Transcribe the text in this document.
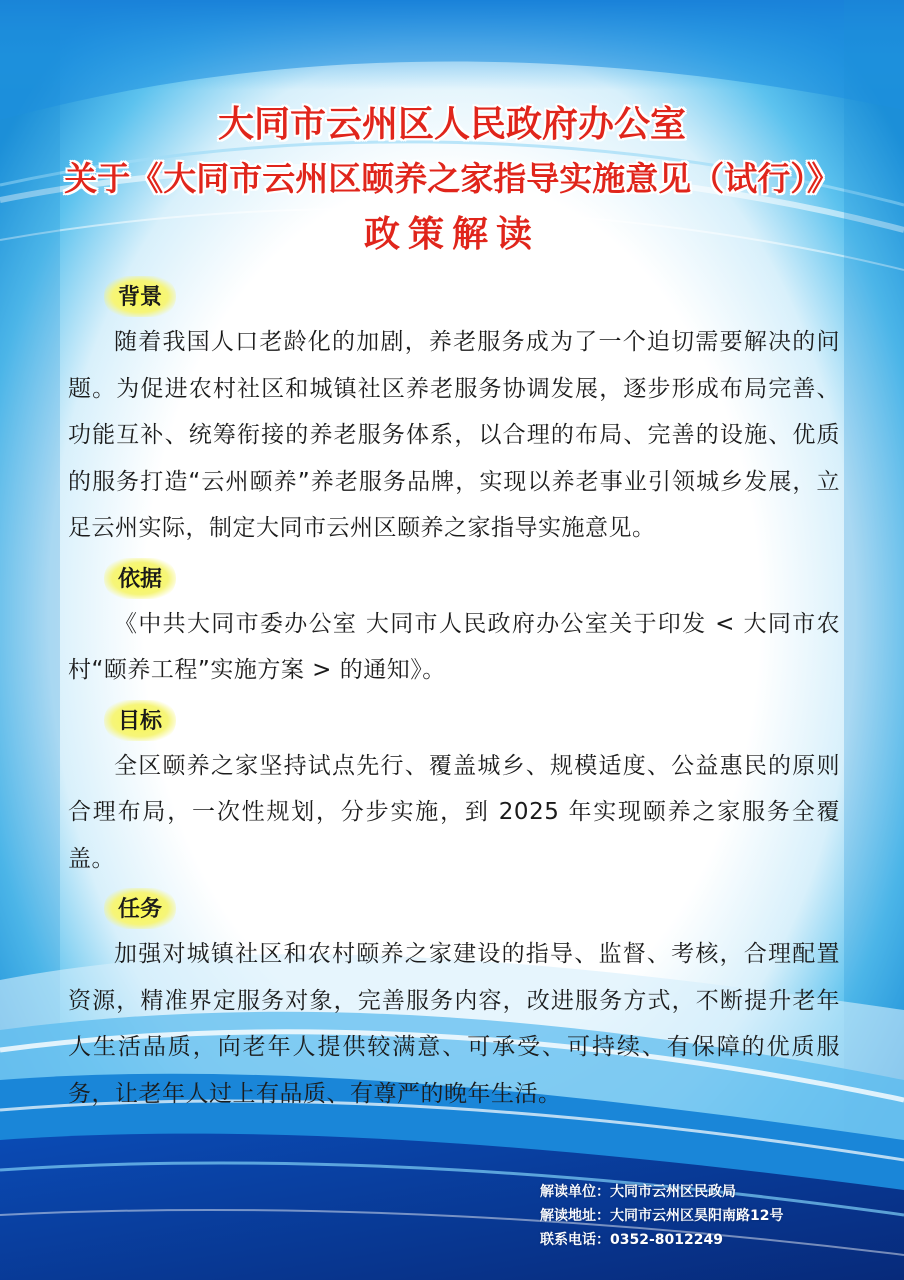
大同市云州区人民政府办公室
关于《大同市云州区颐养之家指导实施意见（试行）》
政策解读
背景
随着我国人口老龄化的加剧，养老服务成为了一个迫切需要解决的问题。为促进农村社区和城镇社区养老服务协调发展，逐步形成布局完善、功能互补、统筹衔接的养老服务体系，以合理的布局、完善的设施、优质的服务打造“云州颐养”养老服务品牌，实现以养老事业引领城乡发展，立足云州实际，制定大同市云州区颐养之家指导实施意见。
依据
《中共大同市委办公室 大同市人民政府办公室关于印发 < 大同市农村“颐养工程”实施方案 > 的通知》。
目标
全区颐养之家坚持试点先行、覆盖城乡、规模适度、公益惠民的原则合理布局，一次性规划，分步实施，到 2025 年实现颐养之家服务全覆盖。
任务
加强对城镇社区和农村颐养之家建设的指导、监督、考核，合理配置资源，精准界定服务对象，完善服务内容，改进服务方式，不断提升老年人生活品质，向老年人提供较满意、可承受、可持续、有保障的优质服务，让老年人过上有品质、有尊严的晚年生活。
解读单位：大同市云州区民政局
解读地址：大同市云州区昊阳南路12号
联系电话：0352-8012249
